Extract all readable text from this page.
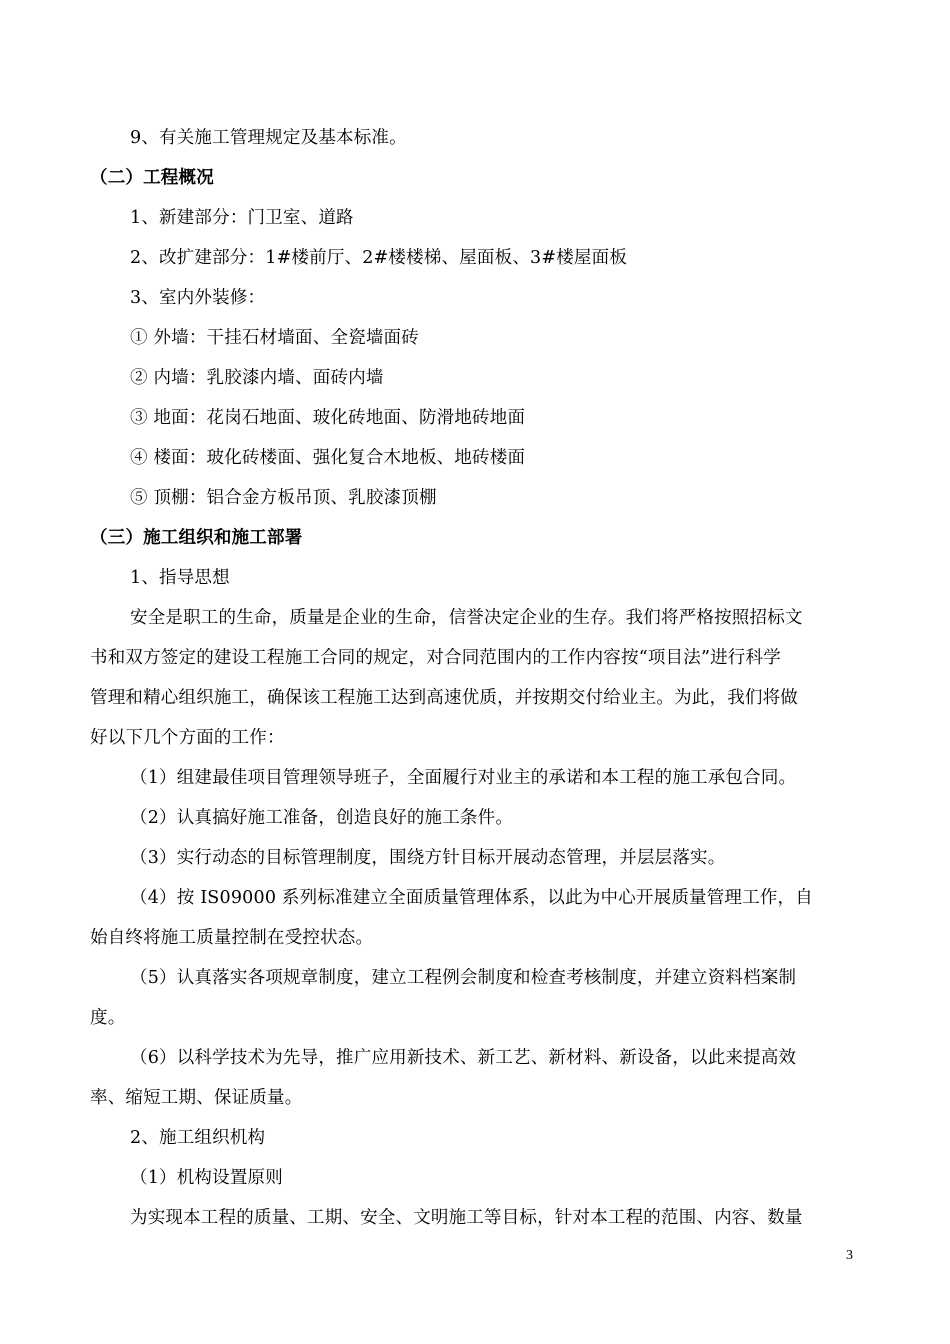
9、有关施工管理规定及基本标准。
（二）工程概况
1、新建部分：门卫室、道路
2、改扩建部分：1#楼前厅、2#楼楼梯、屋面板、3#楼屋面板
3、室内外装修：
① 外墙：干挂石材墙面、全瓷墙面砖
② 内墙：乳胶漆内墙、面砖内墙
③ 地面：花岗石地面、玻化砖地面、防滑地砖地面
④ 楼面：玻化砖楼面、强化复合木地板、地砖楼面
⑤ 顶棚：铝合金方板吊顶、乳胶漆顶棚
（三）施工组织和施工部署
1、指导思想
安全是职工的生命，质量是企业的生命，信誉决定企业的生存。我们将严格按照招标文
书和双方签定的建设工程施工合同的规定，对合同范围内的工作内容按“项目法”进行科学
管理和精心组织施工，确保该工程施工达到高速优质，并按期交付给业主。为此，我们将做
好以下几个方面的工作：
（1）组建最佳项目管理领导班子，全面履行对业主的承诺和本工程的施工承包合同。
（2）认真搞好施工准备，创造良好的施工条件。
（3）实行动态的目标管理制度，围绕方针目标开展动态管理，并层层落实。
（4）按 IS09000 系列标准建立全面质量管理体系，以此为中心开展质量管理工作，自
始自终将施工质量控制在受控状态。
（5）认真落实各项规章制度，建立工程例会制度和检查考核制度，并建立资料档案制
度。
（6）以科学技术为先导，推广应用新技术、新工艺、新材料、新设备，以此来提高效
率、缩短工期、保证质量。
2、施工组织机构
（1）机构设置原则
为实现本工程的质量、工期、安全、文明施工等目标，针对本工程的范围、内容、数量
3
